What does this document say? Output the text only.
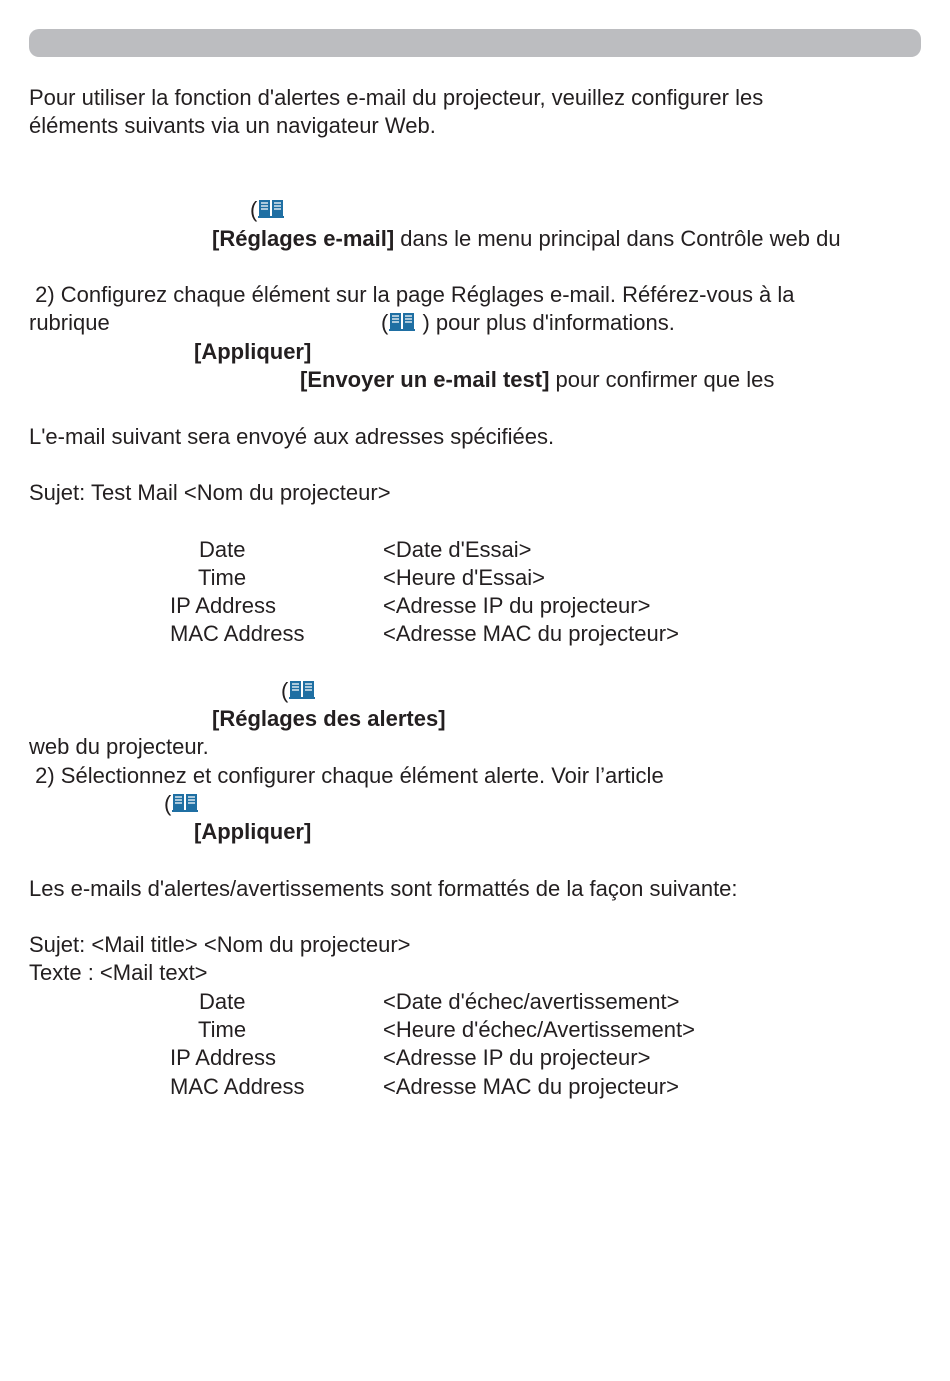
Pour utiliser la fonction d'alertes e-mail du projecteur, veuillez configurer les
éléments suivants via un navigateur Web.
(
[Réglages e-mail] dans le menu principal dans Contrôle web du
2) Configurez chaque élément sur la page Réglages e-mail. Référez-vous à la
rubrique	(
) pour plus d'informations.
[Appliquer]
[Envoyer un e-mail test] pour confirmer que les
L'e-mail suivant sera envoyé aux adresses spécifiées.
Sujet: Test Mail <Nom du projecteur>
Date	<Date d'Essai>
Time	<Heure d'Essai>
IP Address	<Adresse IP du projecteur>
MAC Address	<Adresse MAC du projecteur>
(
[Réglages des alertes]
web du projecteur.
2) Sélectionnez et configurer chaque élément alerte. Voir l’article
(
[Appliquer]
Les e-mails d'alertes/avertissements sont formattés de la façon suivante:
Sujet: <Mail title> <Nom du projecteur>
Texte : <Mail text>
Date	<Date d'échec/avertissement>
Time	<Heure d'échec/Avertissement>
IP Address	<Adresse IP du projecteur>
MAC Address	<Adresse MAC du projecteur>
